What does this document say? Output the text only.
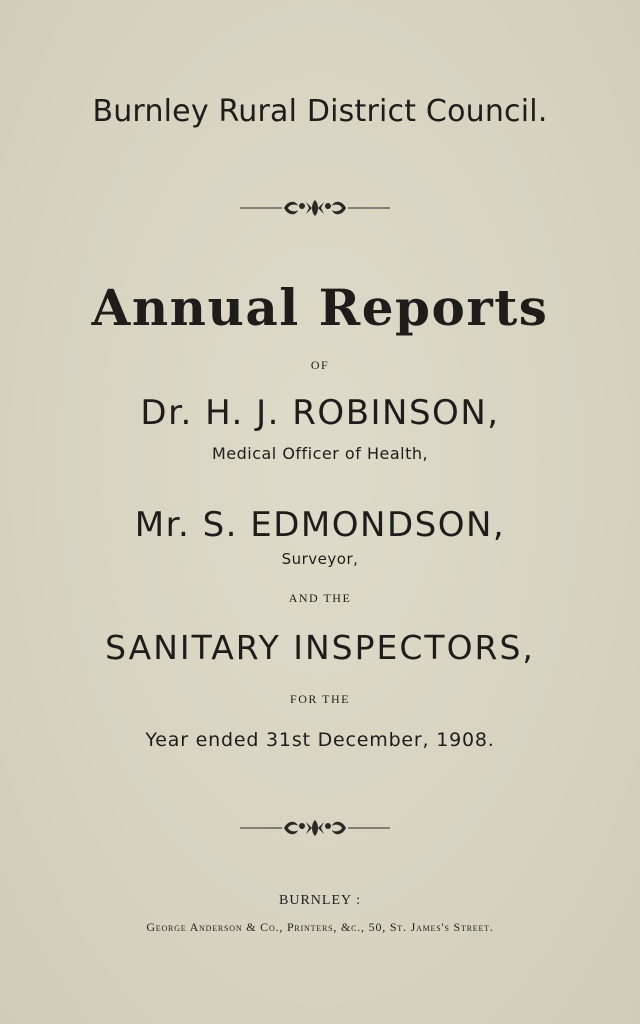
Burnley Rural District Council.
Annual Reports
OF
Dr. H. J. ROBINSON,
Medical Officer of Health,
Mr. S. EDMONDSON,
Surveyor,
AND THE
SANITARY INSPECTORS,
FOR THE
Year ended 31st December, 1908.
BURNLEY :
George Anderson & Co., Printers, &c., 50, St. James's Street.
